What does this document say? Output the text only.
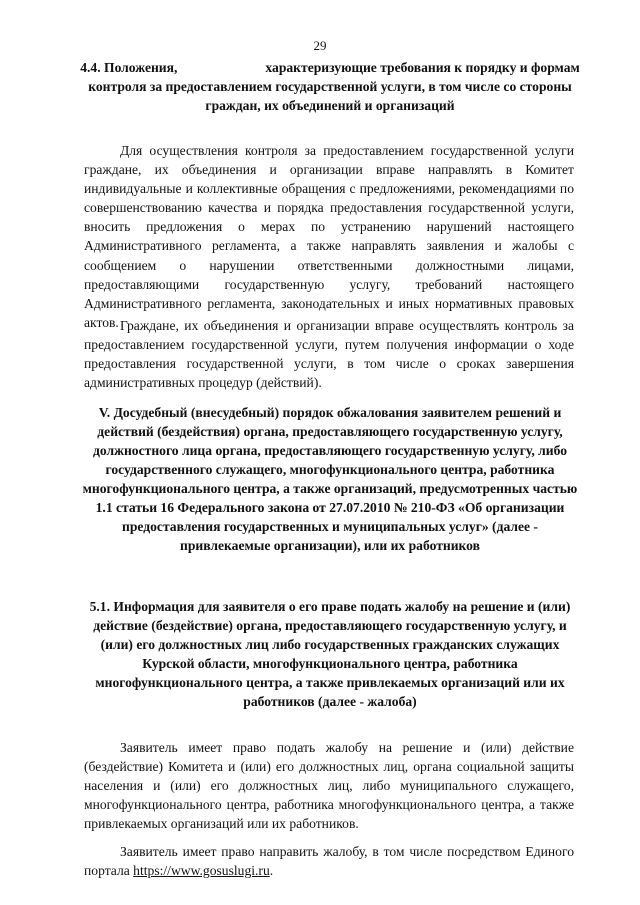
29
4.4. Положения,	характеризующие требования к порядку и формам контроля за предоставлением государственной услуги, в том числе со стороны граждан, их объединений и организаций
Для осуществления контроля за предоставлением государственной услуги граждане, их объединения и организации вправе направлять в Комитет индивидуальные и коллективные обращения с предложениями, рекомендациями по совершенствованию качества и порядка предоставления государственной услуги, вносить предложения о мерах по устранению нарушений настоящего Административного регламента, а также направлять заявления и жалобы с сообщением о нарушении ответственными должностными лицами, предоставляющими государственную услугу, требований настоящего Административного регламента, законодательных и иных нормативных правовых актов. Граждане, их объединения и организации вправе осуществлять контроль за предоставлением государственной услуги, путем получения информации о ходе предоставления государственной услуги, в том числе о сроках завершения административных процедур (действий).
V. Досудебный (внесудебный) порядок обжалования заявителем решений и действий (бездействия) органа, предоставляющего государственную услугу, должностного лица органа, предоставляющего государственную услугу, либо государственного служащего, многофункционального центра, работника многофункционального центра, а также организаций, предусмотренных частью 1.1 статьи 16 Федерального закона от 27.07.2010 № 210-ФЗ «Об организации предоставления государственных и муниципальных услуг» (далее - привлекаемые организации), или их работников
5.1. Информация для заявителя о его праве подать жалобу на решение и (или) действие (бездействие) органа, предоставляющего государственную услугу, и (или) его должностных лиц либо государственных гражданских служащих
Курской области, многофункционального центра, работника многофункционального центра, а также привлекаемых организаций или их работников (далее - жалоба)
Заявитель имеет право подать жалобу на решение и (или) действие (бездействие) Комитета и (или) его должностных лиц, органа социальной защиты населения и (или) его должностных лиц, либо муниципального служащего, многофункционального центра, работника многофункционального центра, а также привлекаемых организаций или их работников.
Заявитель имеет право направить жалобу, в том числе посредством Единого портала https://www.gosuslugi.ru.
